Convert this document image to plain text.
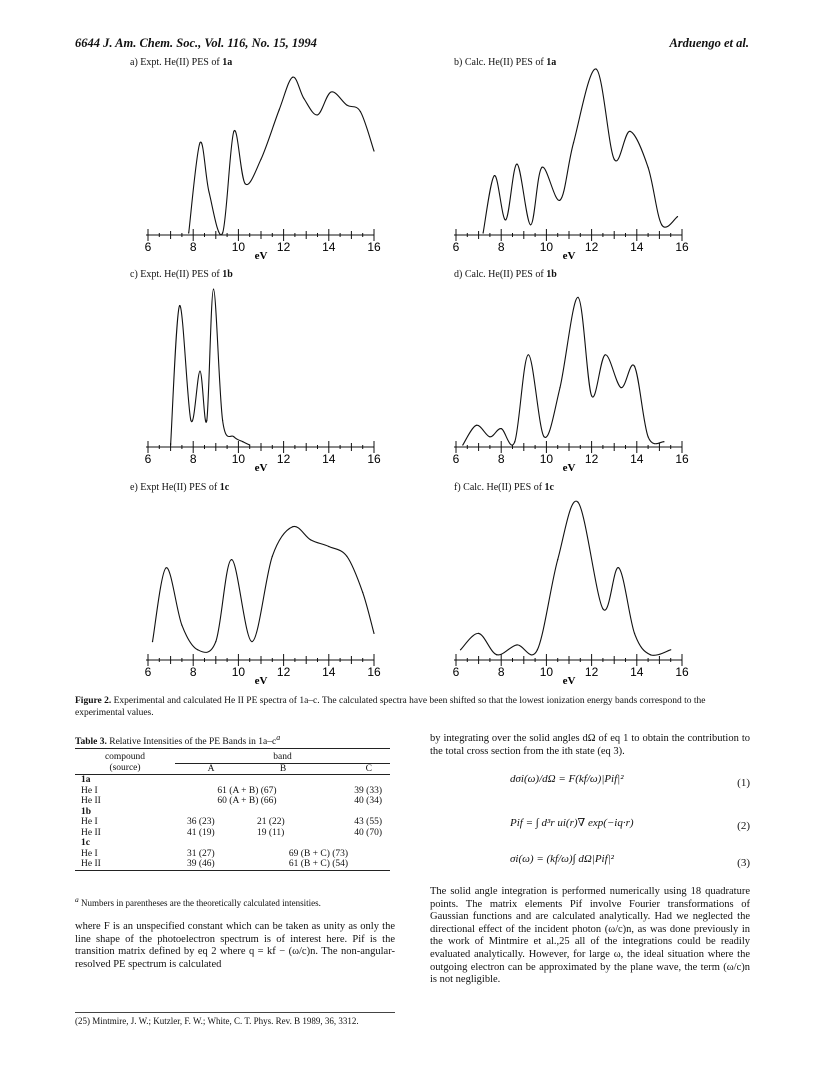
6644 J. Am. Chem. Soc., Vol. 116, No. 15, 1994	Arduengo et al.
a) Expt. He(II) PES of 1a
6	8	10	12	14	16
eV
b) Calc. He(II) PES of 1a
6	8	10	12	14	16
eV
c) Expt. He(II) PES of 1b
6	8	10	12	14	16
eV
d) Calc. He(II) PES of 1b
6	8	10	12	14	16
eV
e) Expt He(II) PES of 1c
6	8	10	12	14	16
eV
f) Calc. He(II) PES of 1c
6	8	10	12	14	16
eV
Figure 2. Experimental and calculated He II PE spectra of 1a–c. The calculated spectra have been shifted so that the lowest ionization energy bands correspond to the experimental values.
Table 3. Relative Intensities of the PE Bands in $1a-c^a$
compound	band		
(source)	A	B	C
1a			
He I	61 (A + B) (67)		39 (33)
He II	60 (A + B) (66)		40 (34)
1b			
He I	36 (23)	21 (22)	43 (55)
He II	41 (19)	19 (11)	40 (70)
1c			
He I	31 (27)	69 (B + C) (73)	
He II	39 (46)	61 (B + C) (54)	
$^a$ Numbers in parentheses are the theoretically calculated intensities.
where F is an unspecified constant which can be taken as unity as only the line shape of the photoelectron spectrum is of interest here. Pif is the transition matrix defined by eq 2 where q = kf − (ω/c)n. The non-angular-resolved PE spectrum is calculated
(25) Mintmire, J. W.; Kutzler, F. W.; White, C. T. Phys. Rev. B 1989, 36, 3312.
by integrating over the solid angles dΩ of eq 1 to obtain the contribution to the total cross section from the ith state (eq 3).
dσi(ω)/dΩ = F(kf/ω)|Pif|²	(1)
Pif = ∫ d³r ui(r)∇ exp(−iq·r)	(2)
σi(ω) = (kf/ω)∫ dΩ|Pif|²	(3)
The solid angle integration is performed numerically using 18 quadrature points. The matrix elements Pif involve Fourier transformations of Gaussian functions and are calculated analytically. Had we neglected the directional effect of the incident photon (ω/c)n, as was done previously in the work of Mintmire et al.,25 all of the integrations could be readily evaluated analytically. However, for large ω, the ideal situation where the outgoing electron can be approximated by the plane wave, the term (ω/c)n is not negligible.
